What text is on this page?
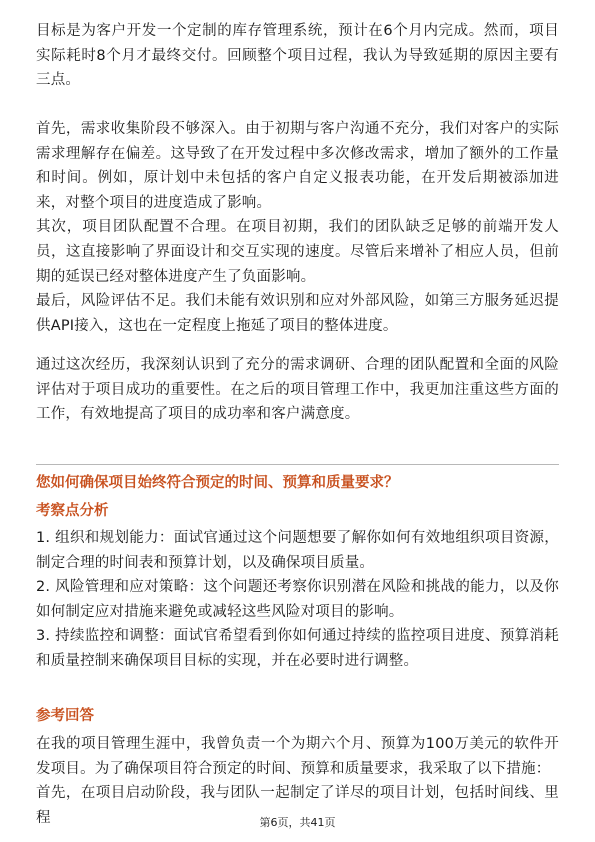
目标是为客户开发一个定制的库存管理系统，预计在6个月内完成。然而，项目实际耗时8个月才最终交付。回顾整个项目过程，我认为导致延期的原因主要有三点。

首先，需求收集阶段不够深入。由于初期与客户沟通不充分，我们对客户的实际需求理解存在偏差。这导致了在开发过程中多次修改需求，增加了额外的工作量和时间。例如，原计划中未包括的客户自定义报表功能，在开发后期被添加进来，对整个项目的进度造成了影响。

其次，项目团队配置不合理。在项目初期，我们的团队缺乏足够的前端开发人员，这直接影响了界面设计和交互实现的速度。尽管后来增补了相应人员，但前期的延误已经对整体进度产生了负面影响。

最后，风险评估不足。我们未能有效识别和应对外部风险，如第三方服务延迟提供API接入，这也在一定程度上拖延了项目的整体进度。

通过这次经历，我深刻认识到了充分的需求调研、合理的团队配置和全面的风险评估对于项目成功的重要性。在之后的项目管理工作中，我更加注重这些方面的工作，有效地提高了项目的成功率和客户满意度。

您如何确保项目始终符合预定的时间、预算和质量要求？
考察点分析

1. 组织和规划能力：面试官通过这个问题想要了解你如何有效地组织项目资源，制定合理的时间表和预算计划，以及确保项目质量。

2. 风险管理和应对策略：这个问题还考察你识别潜在风险和挑战的能力，以及你如何制定应对措施来避免或减轻这些风险对项目的影响。

3. 持续监控和调整：面试官希望看到你如何通过持续的监控项目进度、预算消耗和质量控制来确保项目目标的实现，并在必要时进行调整。

参考回答

在我的项目管理生涯中，我曾负责一个为期六个月、预算为100万美元的软件开发项目。为了确保项目符合预定的时间、预算和质量要求，我采取了以下措施：

首先，在项目启动阶段，我与团队一起制定了详尽的项目计划，包括时间线、里程	第6页，共41页
